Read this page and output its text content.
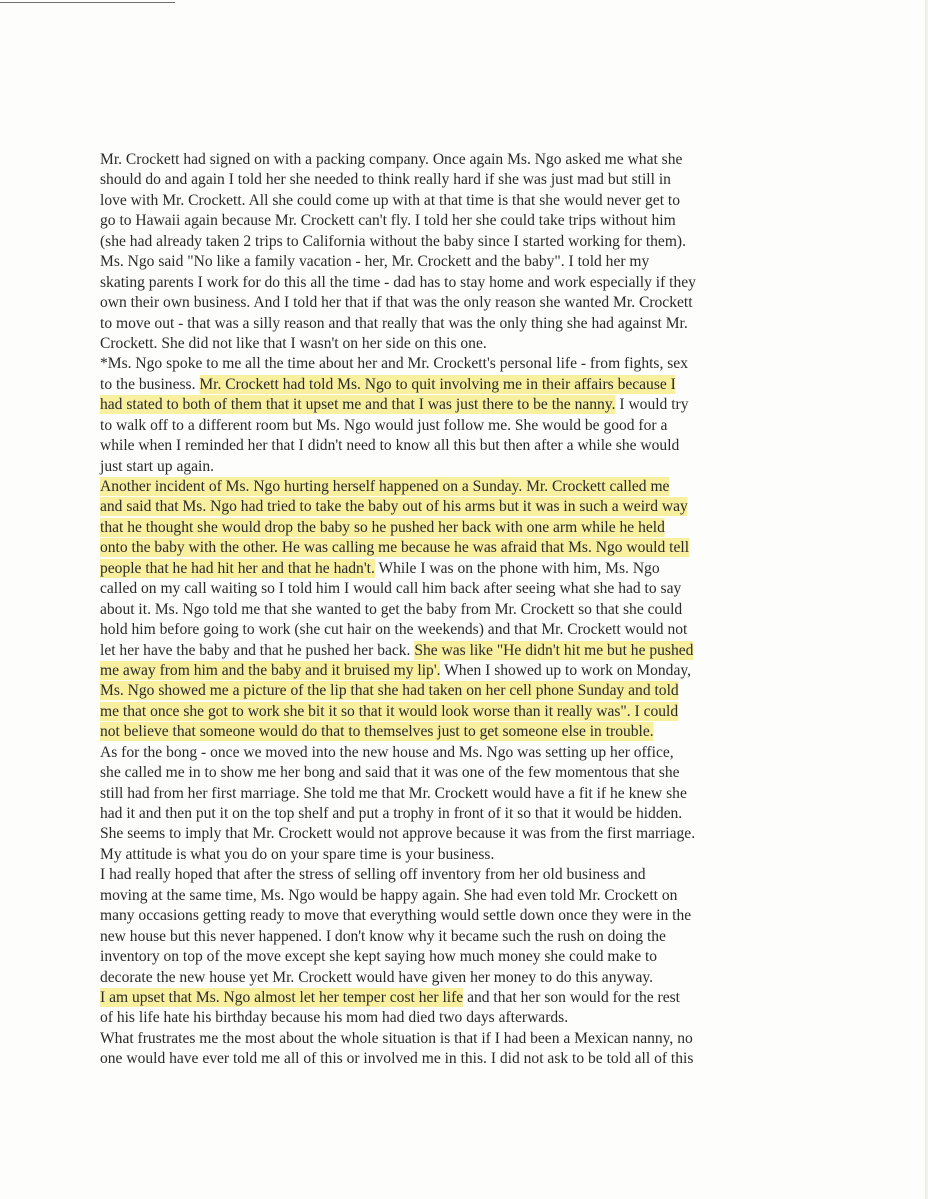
Mr. Crockett had signed on with a packing company. Once again Ms. Ngo asked me what she
should do and again I told her she needed to think really hard if she was just mad but still in
love with Mr. Crockett. All she could come up with at that time is that she would never get to
go to Hawaii again because Mr. Crockett can't fly. I told her she could take trips without him
(she had already taken 2 trips to California without the baby since I started working for them).
Ms. Ngo said "No like a family vacation - her, Mr. Crockett and the baby". I told her my
skating parents I work for do this all the time - dad has to stay home and work especially if they
own their own business. And I told her that if that was the only reason she wanted Mr. Crockett
to move out - that was a silly reason and that really that was the only thing she had against Mr.
Crockett. She did not like that I wasn't on her side on this one.
*Ms. Ngo spoke to me all the time about her and Mr. Crockett's personal life - from fights, sex
to the business. Mr. Crockett had told Ms. Ngo to quit involving me in their affairs because I
had stated to both of them that it upset me and that I was just there to be the nanny. I would try
to walk off to a different room but Ms. Ngo would just follow me. She would be good for a
while when I reminded her that I didn't need to know all this but then after a while she would
just start up again.
Another incident of Ms. Ngo hurting herself happened on a Sunday. Mr. Crockett called me
and said that Ms. Ngo had tried to take the baby out of his arms but it was in such a weird way
that he thought she would drop the baby so he pushed her back with one arm while he held
onto the baby with the other. He was calling me because he was afraid that Ms. Ngo would tell
people that he had hit her and that he hadn't. While I was on the phone with him, Ms. Ngo
called on my call waiting so I told him I would call him back after seeing what she had to say
about it. Ms. Ngo told me that she wanted to get the baby from Mr. Crockett so that she could
hold him before going to work (she cut hair on the weekends) and that Mr. Crockett would not
let her have the baby and that he pushed her back. She was like "He didn't hit me but he pushed
me away from him and the baby and it bruised my lip'. When I showed up to work on Monday,
Ms. Ngo showed me a picture of the lip that she had taken on her cell phone Sunday and told
me that once she got to work she bit it so that it would look worse than it really was". I could
not believe that someone would do that to themselves just to get someone else in trouble.
As for the bong - once we moved into the new house and Ms. Ngo was setting up her office,
she called me in to show me her bong and said that it was one of the few momentous that she
still had from her first marriage. She told me that Mr. Crockett would have a fit if he knew she
had it and then put it on the top shelf and put a trophy in front of it so that it would be hidden.
She seems to imply that Mr. Crockett would not approve because it was from the first marriage.
My attitude is what you do on your spare time is your business.
I had really hoped that after the stress of selling off inventory from her old business and
moving at the same time, Ms. Ngo would be happy again. She had even told Mr. Crockett on
many occasions getting ready to move that everything would settle down once they were in the
new house but this never happened. I don't know why it became such the rush on doing the
inventory on top of the move except she kept saying how much money she could make to
decorate the new house yet Mr. Crockett would have given her money to do this anyway.
I am upset that Ms. Ngo almost let her temper cost her life and that her son would for the rest
of his life hate his birthday because his mom had died two days afterwards.
What frustrates me the most about the whole situation is that if I had been a Mexican nanny, no
one would have ever told me all of this or involved me in this. I did not ask to be told all of this
